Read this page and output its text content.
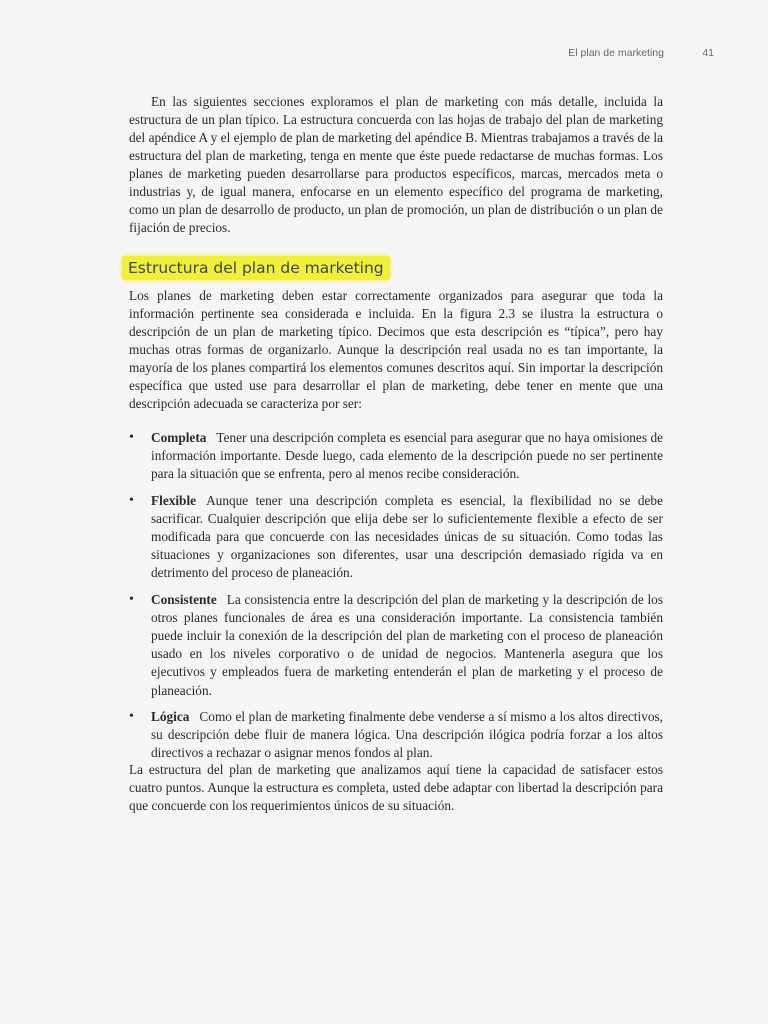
El plan de marketing	41

En las siguientes secciones exploramos el plan de marketing con más detalle, incluida la estructura de un plan típico. La estructura concuerda con las hojas de trabajo del plan de marketing del apéndice A y el ejemplo de plan de marketing del apéndice B. Mientras trabajamos a través de la estructura del plan de marketing, tenga en mente que éste puede redactarse de muchas formas. Los planes de marketing pueden desarrollarse para productos específicos, marcas, mercados meta o industrias y, de igual manera, enfocarse en un elemento específico del programa de marketing, como un plan de desarrollo de producto, un plan de promoción, un plan de distribución o un plan de fijación de precios.

Estructura del plan de marketing

Los planes de marketing deben estar correctamente organizados para asegurar que toda la información pertinente sea considerada e incluida. En la figura 2.3 se ilustra la estructura o descripción de un plan de marketing típico. Decimos que esta descripción es “típica”, pero hay muchas otras formas de organizarlo. Aunque la descripción real usada no es tan importante, la mayoría de los planes compartirá los elementos comunes descritos aquí. Sin importar la descripción específica que usted use para desarrollar el plan de marketing, debe tener en mente que una descripción adecuada se caracteriza por ser:

• Completa Tener una descripción completa es esencial para asegurar que no haya omisiones de información importante. Desde luego, cada elemento de la descripción puede no ser pertinente para la situación que se enfrenta, pero al menos recibe consideración.
• Flexible Aunque tener una descripción completa es esencial, la flexibilidad no se debe sacrificar. Cualquier descripción que elija debe ser lo suficientemente flexible a efecto de ser modificada para que concuerde con las necesidades únicas de su situación. Como todas las situaciones y organizaciones son diferentes, usar una descripción demasiado rígida va en detrimento del proceso de planeación.
• Consistente La consistencia entre la descripción del plan de marketing y la descripción de los otros planes funcionales de área es una consideración importante. La consistencia también puede incluir la conexión de la descripción del plan de marketing con el proceso de planeación usado en los niveles corporativo o de unidad de negocios. Mantenerla asegura que los ejecutivos y empleados fuera de marketing entenderán el plan de marketing y el proceso de planeación.
• Lógica Como el plan de marketing finalmente debe venderse a sí mismo a los altos directivos, su descripción debe fluir de manera lógica. Una descripción ilógica podría forzar a los altos directivos a rechazar o asignar menos fondos al plan.

La estructura del plan de marketing que analizamos aquí tiene la capacidad de satisfacer estos cuatro puntos. Aunque la estructura es completa, usted debe adaptar con libertad la descripción para que concuerde con los requerimientos únicos de su situación.
